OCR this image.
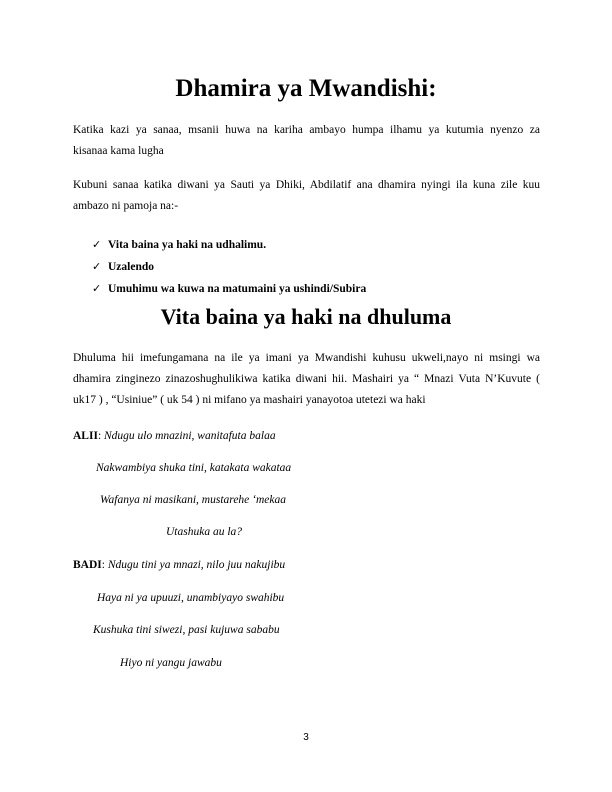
Dhamira ya Mwandishi:

Katika kazi ya sanaa, msanii huwa na kariha ambayo humpa ilhamu ya kutumia nyenzo za
kisanaa kama lugha

Kubuni sanaa katika diwani ya Sauti ya Dhiki, Abdilatif ana dhamira nyingi ila kuna zile kuu
ambazo ni pamoja na:-

✓ Vita baina ya haki na udhalimu.
✓ Uzalendo
✓ Umuhimu wa kuwa na matumaini ya ushindi/Subira
Vita baina ya haki na dhuluma

Dhuluma hii imefungamana na ile ya imani ya Mwandishi kuhusu ukweli,nayo ni msingi wa
dhamira zinginezo zinazoshughulikiwa katika diwani hii. Mashairi ya “ Mnazi Vuta N’Kuvute (
uk17 ) , “Usiniue” ( uk 54 ) ni mifano ya mashairi yanayotoa utetezi wa haki

ALII: Ndugu ulo mnazini, wanitafuta balaa
Nakwambiya shuka tini, katakata wakataa
Wafanya ni masikani, mustarehe ‘mekaa
Utashuka au la?
BADI: Ndugu tini ya mnazi, nilo juu nakujibu
Haya ni ya upuuzi, unambiyayo swahibu
Kushuka tini siwezi, pasi kujuwa sababu
Hiyo ni yangu jawabu
3
